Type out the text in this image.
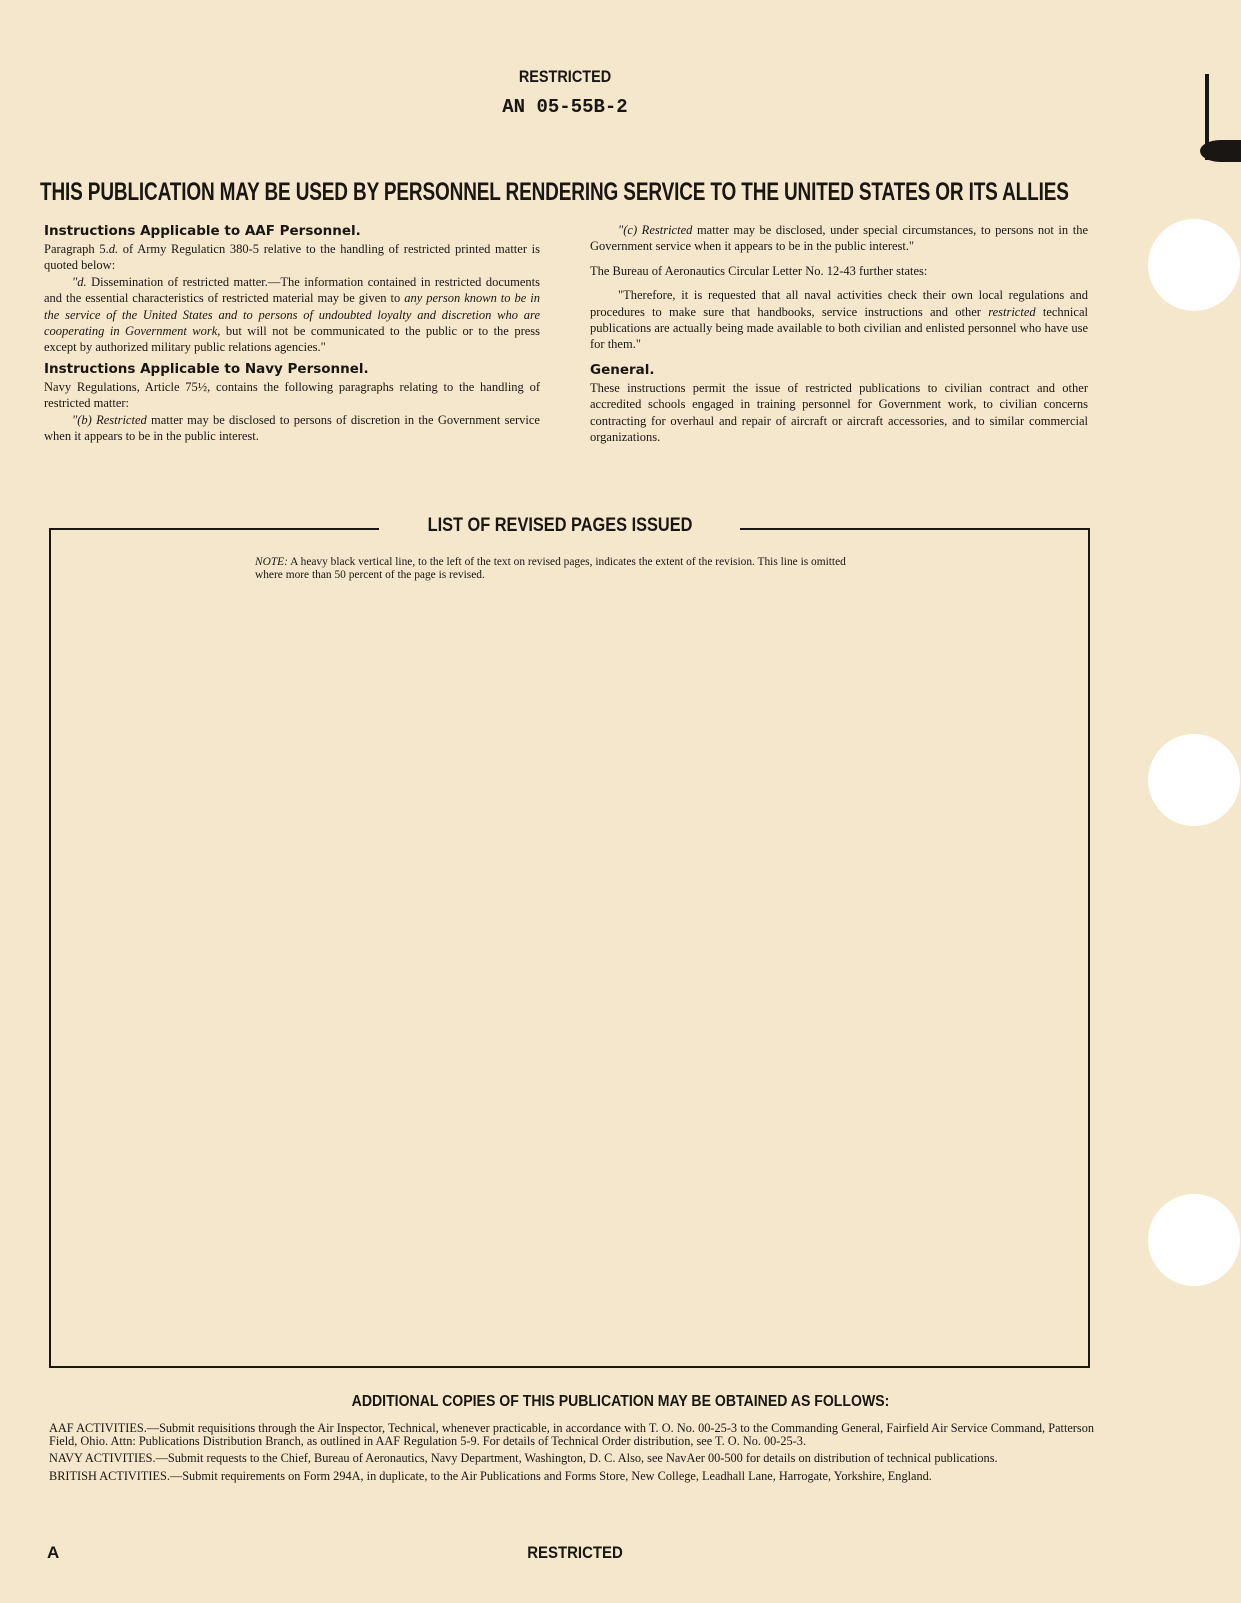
RESTRICTED
AN 05-55B-2
THIS PUBLICATION MAY BE USED BY PERSONNEL RENDERING SERVICE TO THE UNITED STATES OR ITS ALLIES
Instructions Applicable to AAF Personnel.

Paragraph 5.d. of Army Regulaticn 380-5 relative to the handling of restricted printed matter is quoted below:

"d. Dissemination of restricted matter.—The information contained in restricted documents and the essential characteristics of restricted material may be given to any person known to be in the service of the United States and to persons of undoubted loyalty and discretion who are cooperating in Government work, but will not be communicated to the public or to the press except by authorized military public relations agencies."

Instructions Applicable to Navy Personnel.

Navy Regulations, Article 75½, contains the following paragraphs relating to the handling of restricted matter:

"(b) Restricted matter may be disclosed to persons of discretion in the Government service when it appears to be in the public interest.

"(c) Restricted matter may be disclosed, under special circumstances, to persons not in the Government service when it appears to be in the public interest."

The Bureau of Aeronautics Circular Letter No. 12-43 further states:

"Therefore, it is requested that all naval activities check their own local regulations and procedures to make sure that handbooks, service instructions and other restricted technical publications are actually being made available to both civilian and enlisted personnel who have use for them."

General.

These instructions permit the issue of restricted publications to civilian contract and other accredited schools engaged in training personnel for Government work, to civilian concerns contracting for overhaul and repair of aircraft or aircraft accessories, and to similar commercial organizations.

LIST OF REVISED PAGES ISSUED
NOTE: A heavy black vertical line, to the left of the text on revised pages, indicates the extent of the revision. This line is omitted where more than 50 percent of the page is revised.
ADDITIONAL COPIES OF THIS PUBLICATION MAY BE OBTAINED AS FOLLOWS:

AAF ACTIVITIES.—Submit requisitions through the Air Inspector, Technical, whenever practicable, in accordance with T. O. No. 00-25-3 to the Commanding General, Fairfield Air Service Command, Patterson Field, Ohio. Attn: Publications Distribution Branch, as outlined in AAF Regulation 5-9. For details of Technical Order distribution, see T. O. No. 00-25-3.

NAVY ACTIVITIES.—Submit requests to the Chief, Bureau of Aeronautics, Navy Department, Washington, D. C. Also, see NavAer 00-500 for details on distribution of technical publications.

BRITISH ACTIVITIES.—Submit requirements on Form 294A, in duplicate, to the Air Publications and Forms Store, New College, Leadhall Lane, Harrogate, Yorkshire, England.

A	RESTRICTED
